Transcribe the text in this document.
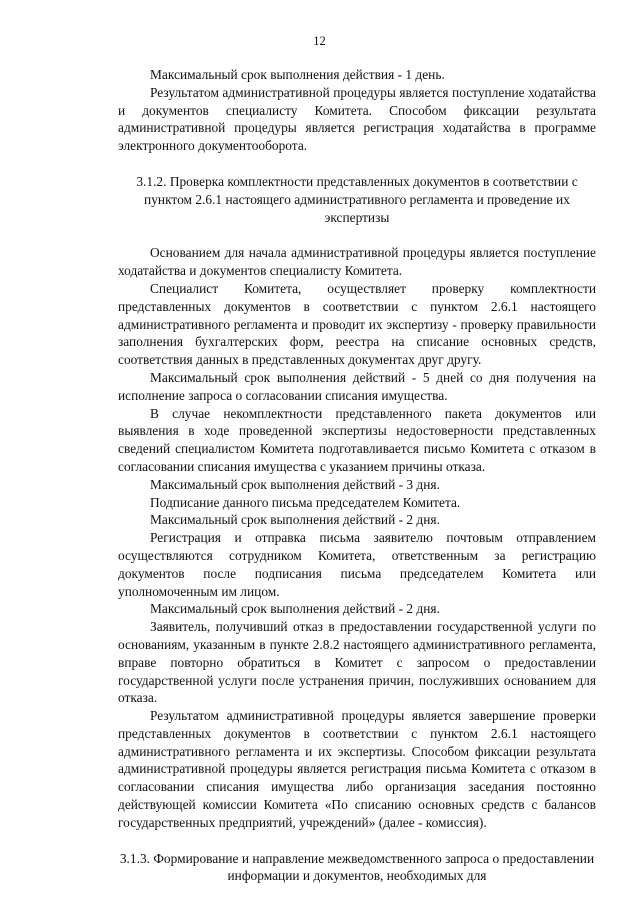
12

Максимальный срок выполнения действия - 1 день.

Результатом административной процедуры является поступление ходатайства и документов специалисту Комитета. Способом фиксации результата административной процедуры является регистрация ходатайства в программе электронного документооборота.

3.1.2. Проверка комплектности представленных документов в соответствии с пунктом 2.6.1 настоящего административного регламента и проведение их экспертизы

Основанием для начала административной процедуры является поступление ходатайства и документов специалисту Комитета.

Специалист Комитета, осуществляет проверку комплектности представленных документов в соответствии с пунктом 2.6.1 настоящего административного регламента и проводит их экспертизу - проверку правильности заполнения бухгалтерских форм, реестра на списание основных средств, соответствия данных в представленных документах друг другу.

Максимальный срок выполнения действий - 5 дней со дня получения на исполнение запроса о согласовании списания имущества.

В случае некомплектности представленного пакета документов или выявления в ходе проведенной экспертизы недостоверности представленных сведений специалистом Комитета подготавливается письмо Комитета с отказом в согласовании списания имущества с указанием причины отказа.

Максимальный срок выполнения действий - 3 дня.

Подписание данного письма председателем Комитета.

Максимальный срок выполнения действий - 2 дня.

Регистрация и отправка письма заявителю почтовым отправлением осуществляются сотрудником Комитета, ответственным за регистрацию документов после подписания письма председателем Комитета или уполномоченным им лицом.

Максимальный срок выполнения действий - 2 дня.

Заявитель, получивший отказ в предоставлении государственной услуги по основаниям, указанным в пункте 2.8.2 настоящего административного регламента, вправе повторно обратиться в Комитет с запросом о предоставлении государственной услуги после устранения причин, послуживших основанием для отказа.

Результатом административной процедуры является завершение проверки представленных документов в соответствии с пунктом 2.6.1 настоящего административного регламента и их экспертизы. Способом фиксации результата административной процедуры является регистрация письма Комитета с отказом в согласовании списания имущества либо организация заседания постоянно действующей комиссии Комитета «По списанию основных средств с балансов государственных предприятий, учреждений» (далее - комиссия).

3.1.3. Формирование и направление межведомственного запроса о предоставлении информации и документов, необходимых для
